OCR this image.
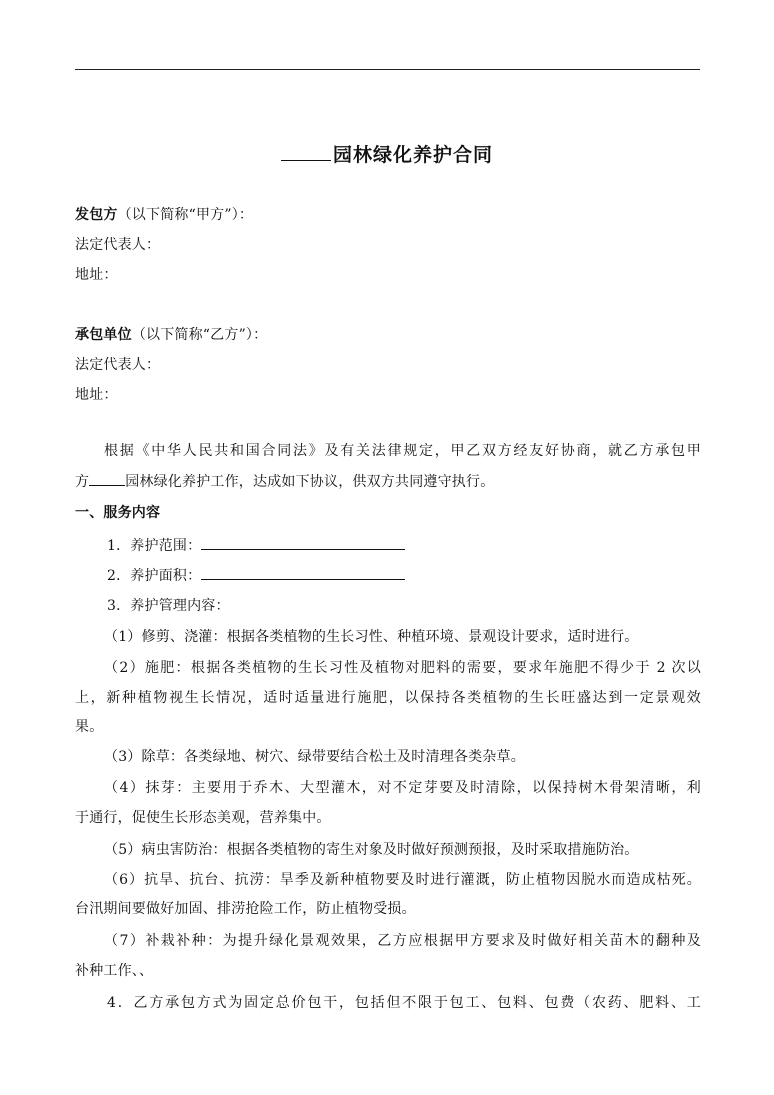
园林绿化养护合同
发包方（以下简称“甲方”）：
法定代表人：
地址：
承包单位（以下简称“乙方”）：
法定代表人：
地址：
根据《中华人民共和国合同法》及有关法律规定，甲乙双方经友好协商，就乙方承包甲
方	园林绿化养护工作，达成如下协议，供双方共同遵守执行。
一、服务内容
1．养护范围：
2．养护面积：
3．养护管理内容：
（1）修剪、浇灌：根据各类植物的生长习性、种植环境、景观设计要求，适时进行。
（2）施肥：根据各类植物的生长习性及植物对肥料的需要，要求年施肥不得少于 2 次以
上，新种植物视生长情况，适时适量进行施肥，以保持各类植物的生长旺盛达到一定景观效
果。
（3）除草：各类绿地、树穴、绿带要结合松土及时清理各类杂草。
（4）抹芽：主要用于乔木、大型灌木，对不定芽要及时清除，以保持树木骨架清晰，利
于通行，促使生长形态美观，营养集中。
（5）病虫害防治：根据各类植物的寄生对象及时做好预测预报，及时采取措施防治。
（6）抗旱、抗台、抗涝：旱季及新种植物要及时进行灌溉，防止植物因脱水而造成枯死。
台汛期间要做好加固、排涝抢险工作，防止植物受损。
（7）补栽补种：为提升绿化景观效果，乙方应根据甲方要求及时做好相关苗木的翻种及
补种工作、、
4．乙方承包方式为固定总价包干，包括但不限于包工、包料、包费（农药、肥料、工
